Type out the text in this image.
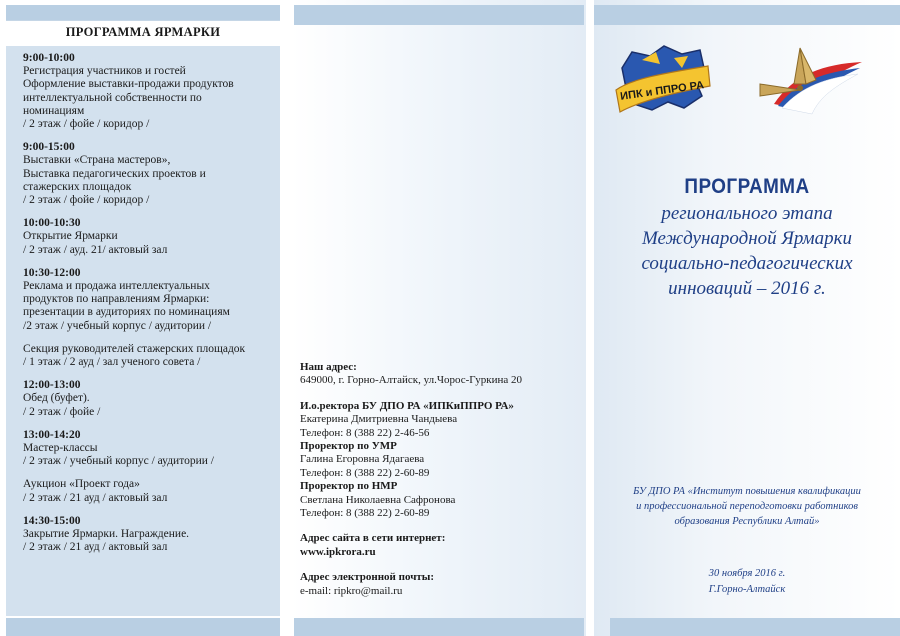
ПРОГРАММА ЯРМАРКИ
9:00-10:00
Регистрация участников и гостей
Оформление выставки-продажи продуктов
интеллектуальной собственности по
номинациям
/ 2 этаж / фойе / коридор /
9:00-15:00
Выставки «Страна мастеров»,
Выставка педагогических проектов и
стажерских площадок
/ 2 этаж / фойе / коридор /
10:00-10:30
Открытие Ярмарки
/ 2 этаж / ауд. 21/ актовый зал
10:30-12:00
Реклама и продажа интеллектуальных
продуктов по направлениям Ярмарки:
презентации в аудиториях по номинациям
/2 этаж / учебный корпус / аудитории /
Секция руководителей стажерских площадок
/ 1 этаж / 2 ауд / зал ученого совета /
12:00-13:00
Обед (буфет).
/ 2 этаж / фойе /
13:00-14:20
Мастер-классы
/ 2 этаж / учебный корпус / аудитории /
Аукцион «Проект года»
/ 2 этаж / 21 ауд / актовый зал
14:30-15:00
Закрытие Ярмарки. Награждение.
/ 2 этаж / 21 ауд / актовый зал
Наш адрес:
649000, г. Горно-Алтайск, ул.Чорос-Гуркина 20
И.о.ректора БУ ДПО РА «ИПКиППРО РА»
Екатерина Дмитриевна Чандыева
Телефон: 8 (388 22) 2-46-56
Проректор по УМР
Галина Егоровна Ядагаева
Телефон: 8 (388 22) 2-60-89
Проректор по НМР
Светлана Николаевна Сафронова
Телефон: 8 (388 22) 2-60-89
Адрес сайта в сети интернет:
www.ipkrora.ru
Адрес электронной почты:
e-mail: ripkro@mail.ru
ИПК и ППРО РА
ПРОГРАММА
регионального этапа
Международной Ярмарки
социально-педагогических
инноваций – 2016 г.
БУ ДПО РА «Институт повышения квалификации
и профессиональной переподготовки работников
образования Республики Алтай»
30 ноября 2016 г.
Г.Горно-Алтайск
